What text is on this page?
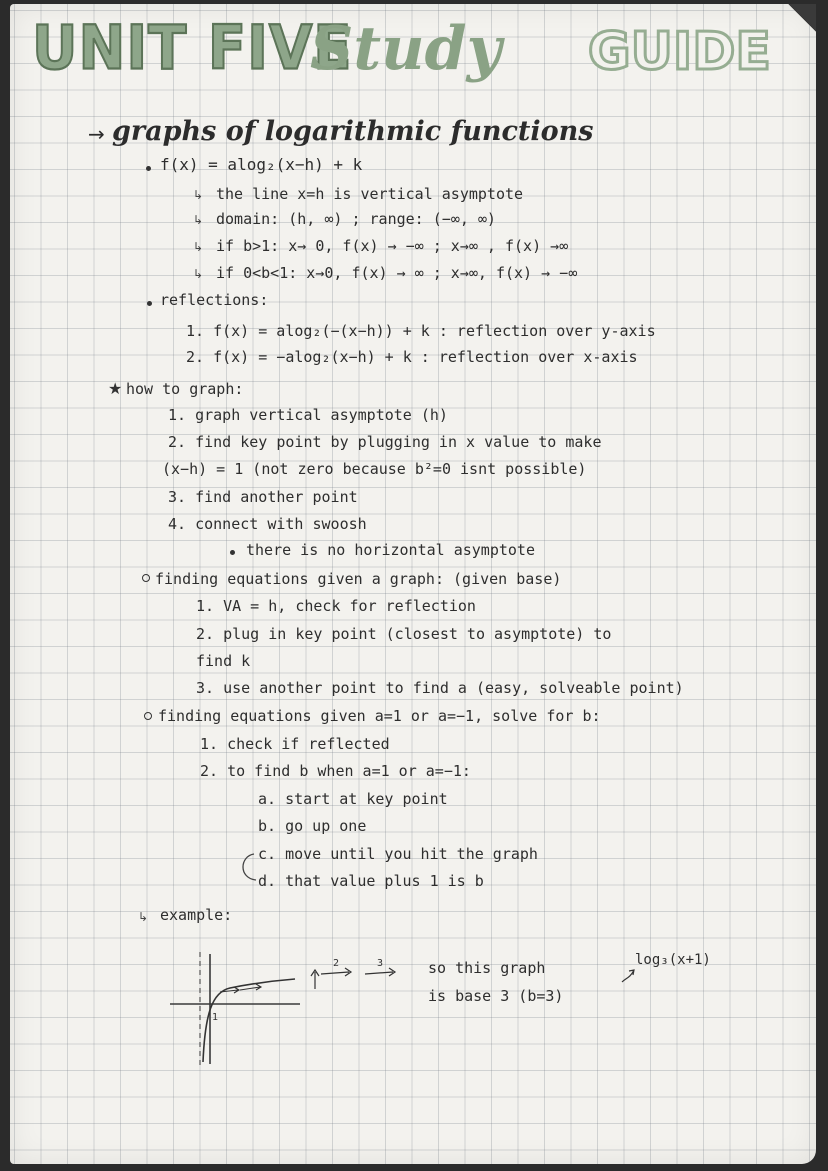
UNIT FIVE
Study GUIDE
→ graphs of logarithmic functions
f(x) = alog₂(x−h) + k
↳ the line x=h is vertical asymptote
↳ domain: (h, ∞) ; range: (−∞, ∞)
↳ if b>1: x→ 0, f(x) → −∞ ; x→∞ , f(x) →∞
↳ if 0<b<1: x→0, f(x) → ∞ ; x→∞, f(x) → −∞
reflections:
1. f(x) = alog₂(−(x−h)) + k : reflection over y-axis
2. f(x) = −alog₂(x−h) + k : reflection over x-axis
★ how to graph:
1. graph vertical asymptote (h)
2. find key point by plugging in x value to make
(x−h) = 1 (not zero because b²=0 isnt possible)
3. find another point
4. connect with swoosh
there is no horizontal asymptote
finding equations given a graph: (given base)
1. VA = h, check for reflection
2. plug in key point (closest to asymptote) to
find k
3. use another point to find a (easy, solveable point)
finding equations given a=1 or a=−1, solve for b:
1. check if reflected
2. to find b when a=1 or a=−1:
a. start at key point
b. go up one
c. move until you hit the graph
d. that value plus 1 is b
↳ example:
1
2	3	so this graph
is base 3 (b=3)
log₃(x+1)
